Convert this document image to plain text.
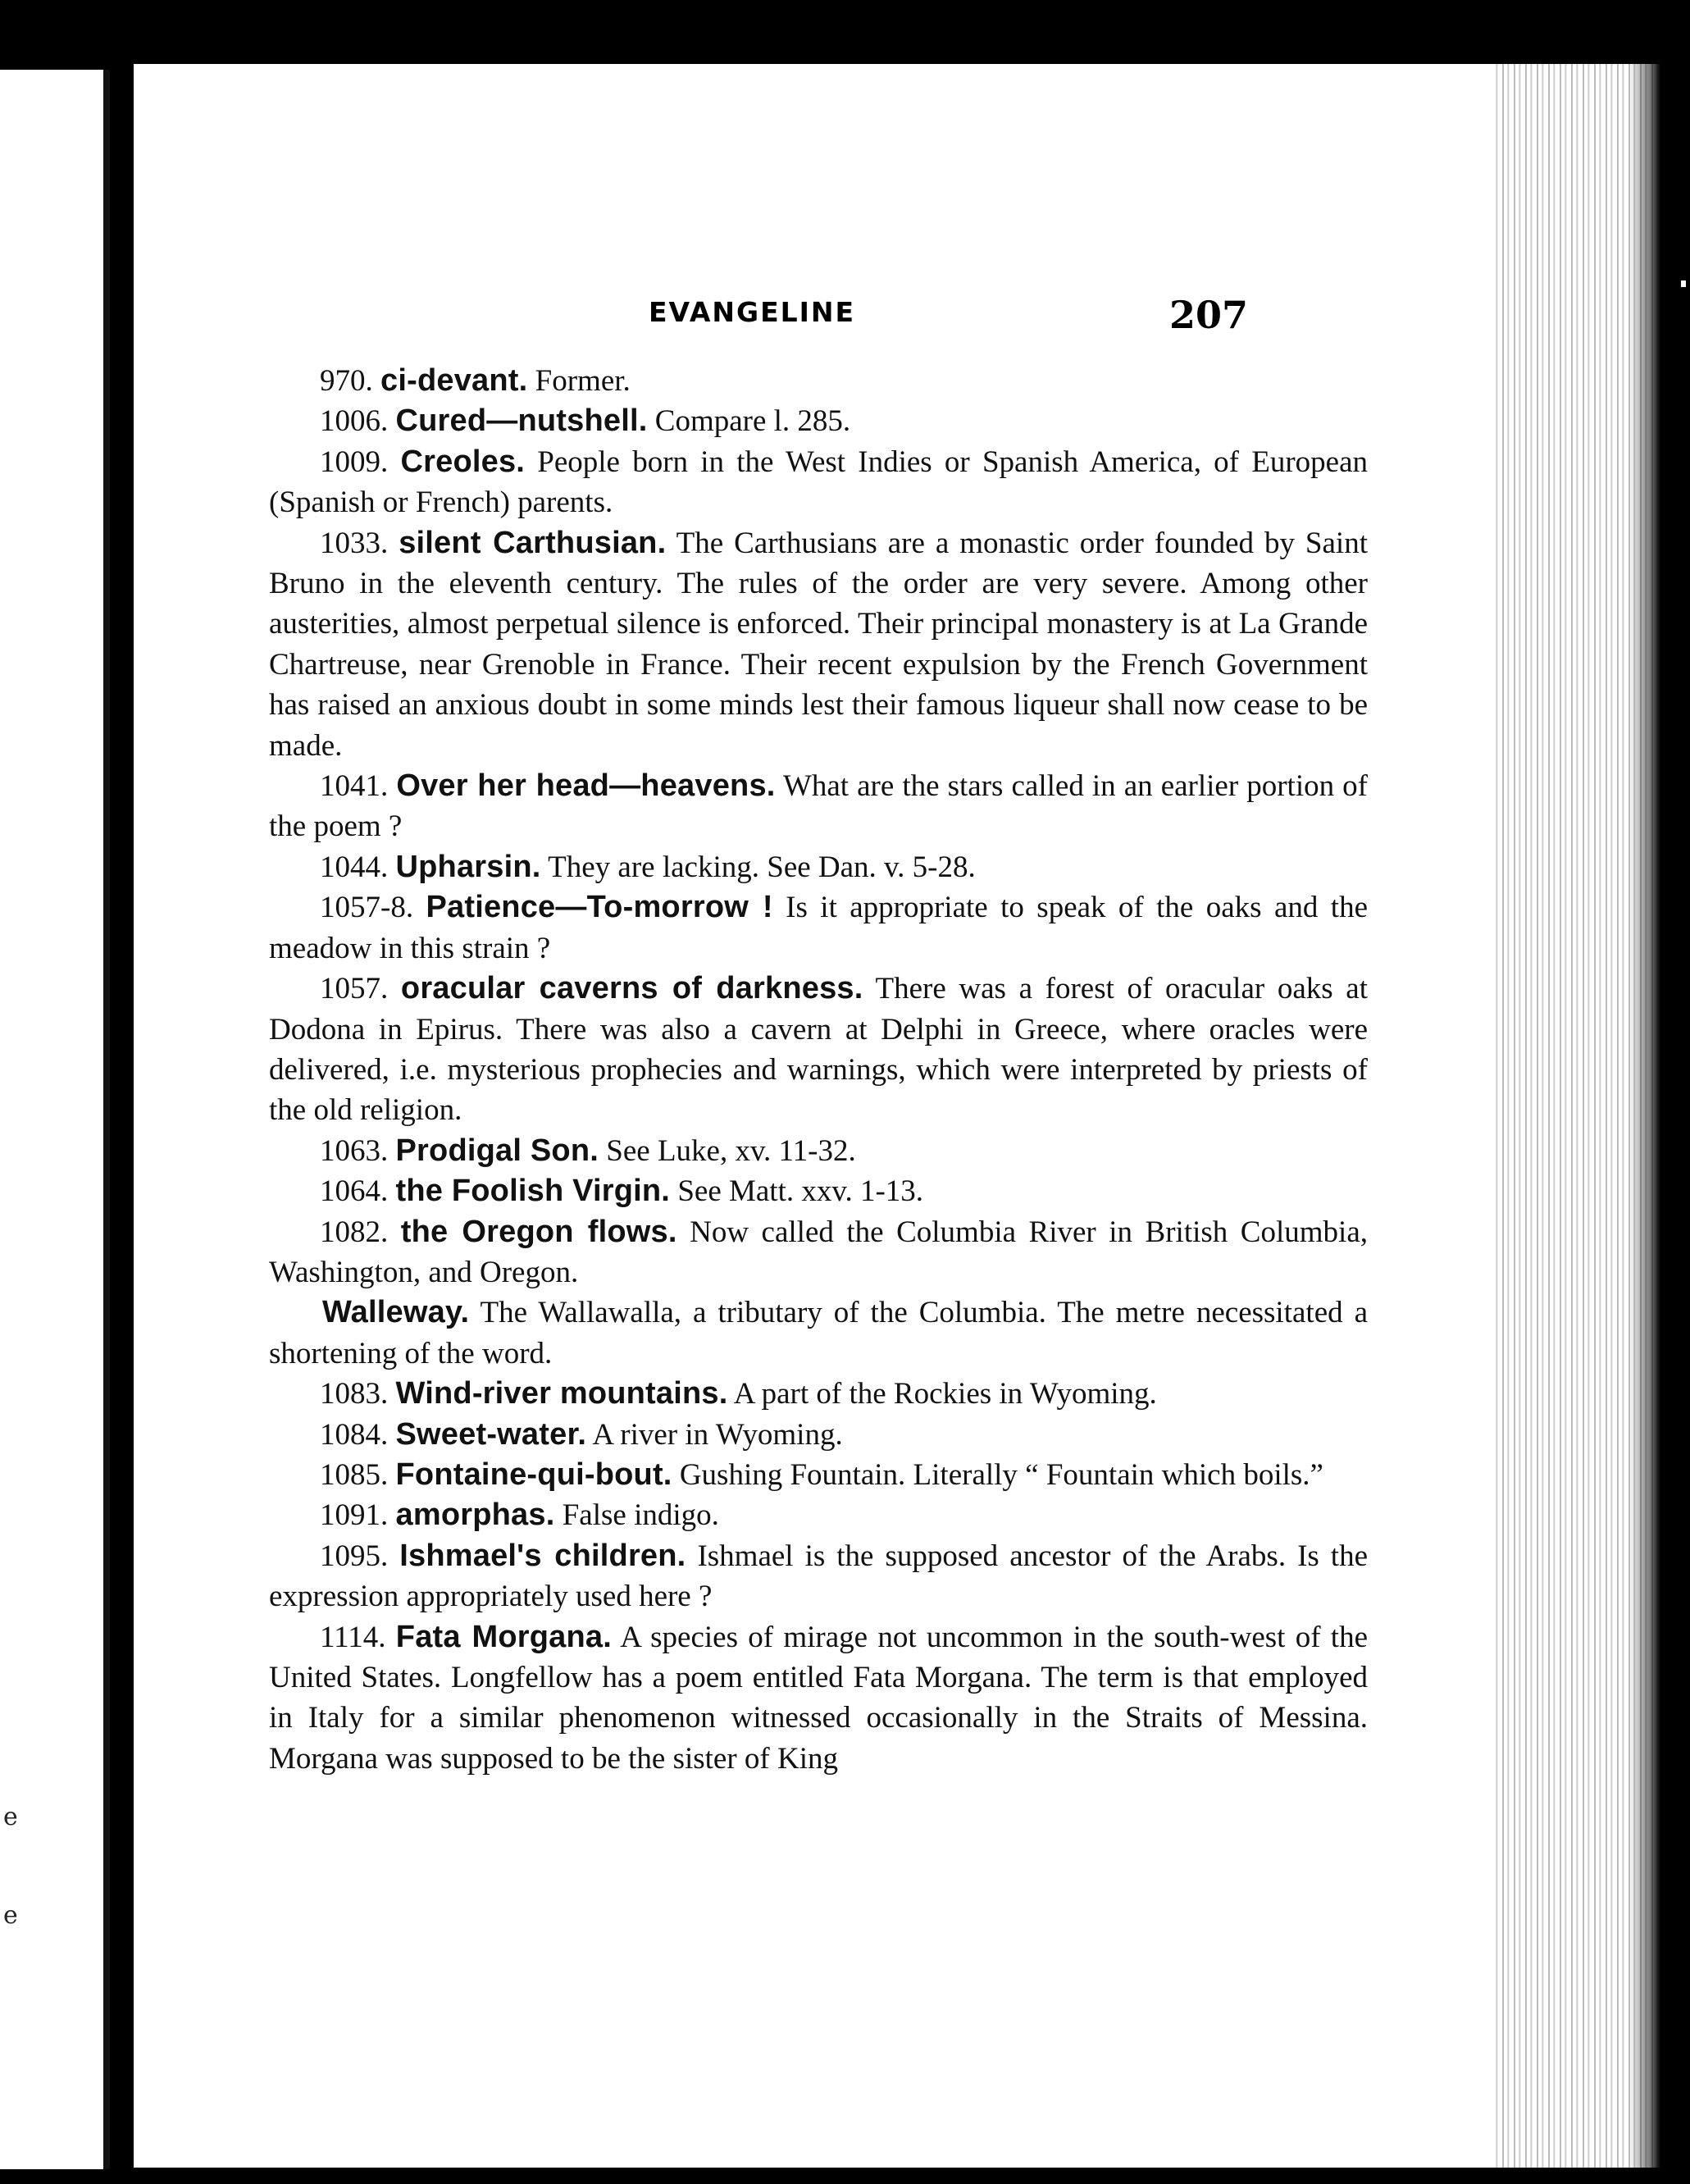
e
e
EVANGELINE	207

970. ci-devant. Former.

1006. Cured—nutshell. Compare l. 285.

1009. Creoles. People born in the West Indies or Spanish America, of European (Spanish or French) parents.

1033. silent Carthusian. The Carthusians are a monastic order founded by Saint Bruno in the eleventh century. The rules of the order are very severe. Among other austerities, almost perpetual silence is enforced. Their principal monastery is at La Grande Chartreuse, near Grenoble in France. Their recent expulsion by the French Government has raised an anxious doubt in some minds lest their famous liqueur shall now cease to be made.

1041. Over her head—heavens. What are the stars called in an earlier portion of the poem ?

1044. Upharsin. They are lacking. See Dan. v. 5-28.

1057-8. Patience—To-morrow ! Is it appropriate to speak of the oaks and the meadow in this strain ?

1057. oracular caverns of darkness. There was a forest of oracular oaks at Dodona in Epirus. There was also a cavern at Delphi in Greece, where oracles were delivered, i.e. mysterious prophecies and warnings, which were interpreted by priests of the old religion.

1063. Prodigal Son. See Luke, xv. 11-32.

1064. the Foolish Virgin. See Matt. xxv. 1-13.

1082. the Oregon flows. Now called the Columbia River in British Columbia, Washington, and Oregon.

Walleway. The Wallawalla, a tributary of the Columbia. The metre necessitated a shortening of the word.

1083. Wind-river mountains. A part of the Rockies in Wyoming.

1084. Sweet-water. A river in Wyoming.

1085. Fontaine-qui-bout. Gushing Fountain. Literally “ Fountain which boils.”

1091. amorphas. False indigo.

1095. Ishmael's children. Ishmael is the supposed ancestor of the Arabs. Is the expression appropriately used here ?

1114. Fata Morgana. A species of mirage not uncommon in the south-west of the United States. Longfellow has a poem entitled Fata Morgana. The term is that employed in Italy for a similar phenomenon witnessed occasionally in the Straits of Messina. Morgana was supposed to be the sister of King
